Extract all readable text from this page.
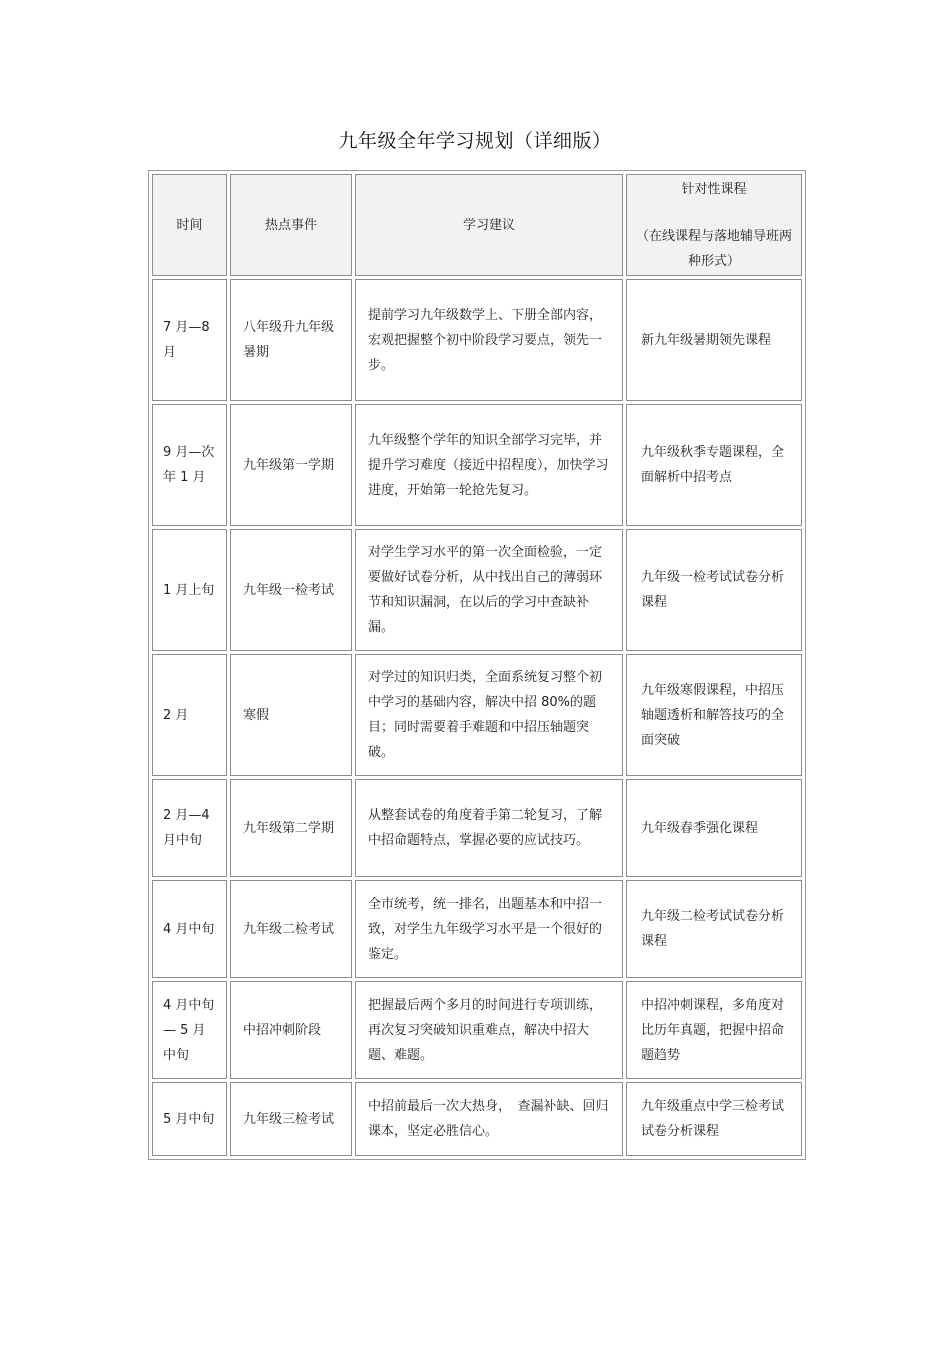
九年级全年学习规划（详细版）
时间	热点事件	学习建议	针对性课程
（在线课程与落地辅导班两种形式）

7 月—8 月	八年级升九年级暑期	提前学习九年级数学上、下册全部内容，宏观把握整个初中阶段学习要点，领先一步。	新九年级暑期领先课程
9 月—次年 1 月	九年级第一学期	九年级整个学年的知识全部学习完毕，并提升学习难度（接近中招程度），加快学习进度，开始第一轮抢先复习。	九年级秋季专题课程，全面解析中招考点
1 月上旬	九年级一检考试	对学生学习水平的第一次全面检验，一定要做好试卷分析，从中找出自己的薄弱环节和知识漏洞，在以后的学习中查缺补漏。	九年级一检考试试卷分析课程
2 月	寒假	对学过的知识归类，全面系统复习整个初中学习的基础内容，解决中招 80%的题目；同时需要着手难题和中招压轴题突破。	九年级寒假课程，中招压轴题透析和解答技巧的全面突破
2 月—4 月中旬	九年级第二学期	从整套试卷的角度着手第二轮复习，了解中招命题特点，掌握必要的应试技巧。	九年级春季强化课程
4 月中旬	九年级二检考试	全市统考，统一排名，出题基本和中招一致，对学生九年级学习水平是一个很好的鉴定。	九年级二检考试试卷分析课程
4 月中旬— 5 月中旬	中招冲刺阶段	把握最后两个多月的时间进行专项训练，再次复习突破知识重难点，解决中招大题、难题。	中招冲刺课程，多角度对比历年真题，把握中招命题趋势
5 月中旬	九年级三检考试	中招前最后一次大热身，　查漏补缺、回归课本，坚定必胜信心。	九年级重点中学三检考试试卷分析课程
